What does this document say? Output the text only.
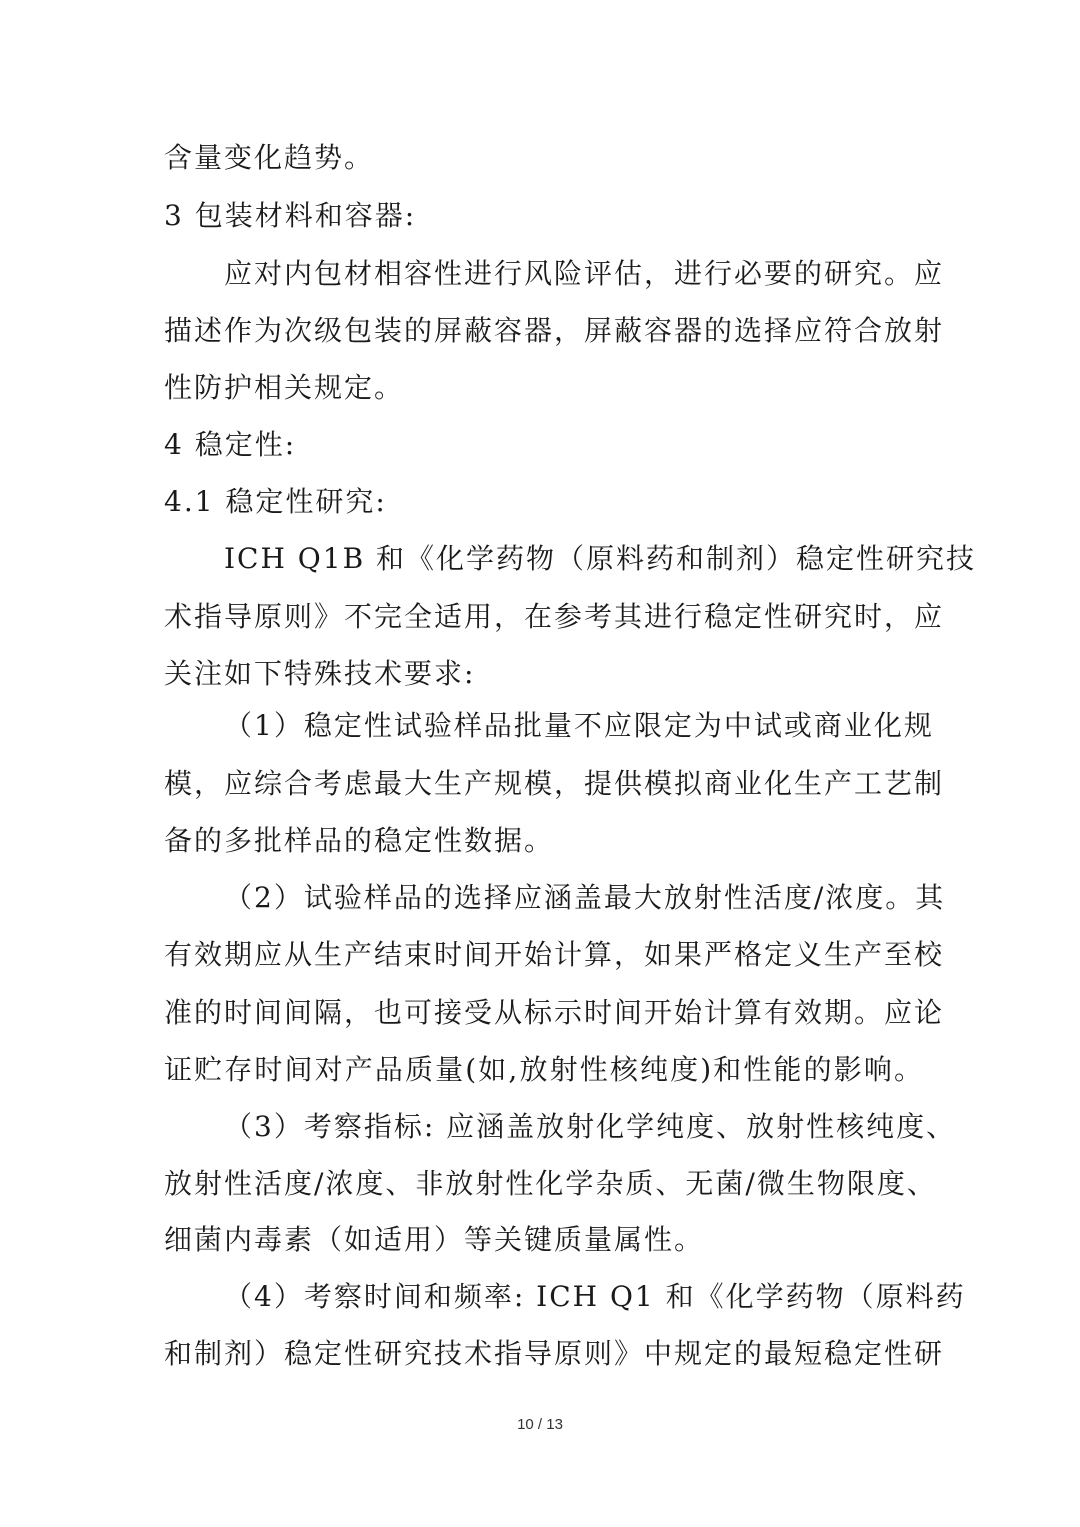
含量变化趋势。
3 包装材料和容器:
应对内包材相容性进行风险评估，进行必要的研究。应
描述作为次级包装的屏蔽容器，屏蔽容器的选择应符合放射
性防护相关规定。
4 稳定性:
4.1 稳定性研究:
ICH Q1B 和《化学药物（原料药和制剂）稳定性研究技
术指导原则》不完全适用，在参考其进行稳定性研究时，应
关注如下特殊技术要求:
（1）稳定性试验样品批量不应限定为中试或商业化规
模，应综合考虑最大生产规模，提供模拟商业化生产工艺制
备的多批样品的稳定性数据。
（2）试验样品的选择应涵盖最大放射性活度/浓度。其
有效期应从生产结束时间开始计算，如果严格定义生产至校
准的时间间隔，也可接受从标示时间开始计算有效期。应论
证贮存时间对产品质量(如,放射性核纯度)和性能的影响。
（3）考察指标: 应涵盖放射化学纯度、放射性核纯度、
放射性活度/浓度、非放射性化学杂质、无菌/微生物限度、
细菌内毒素（如适用）等关键质量属性。
（4）考察时间和频率: ICH Q1 和《化学药物（原料药
和制剂）稳定性研究技术指导原则》中规定的最短稳定性研
10 / 13
